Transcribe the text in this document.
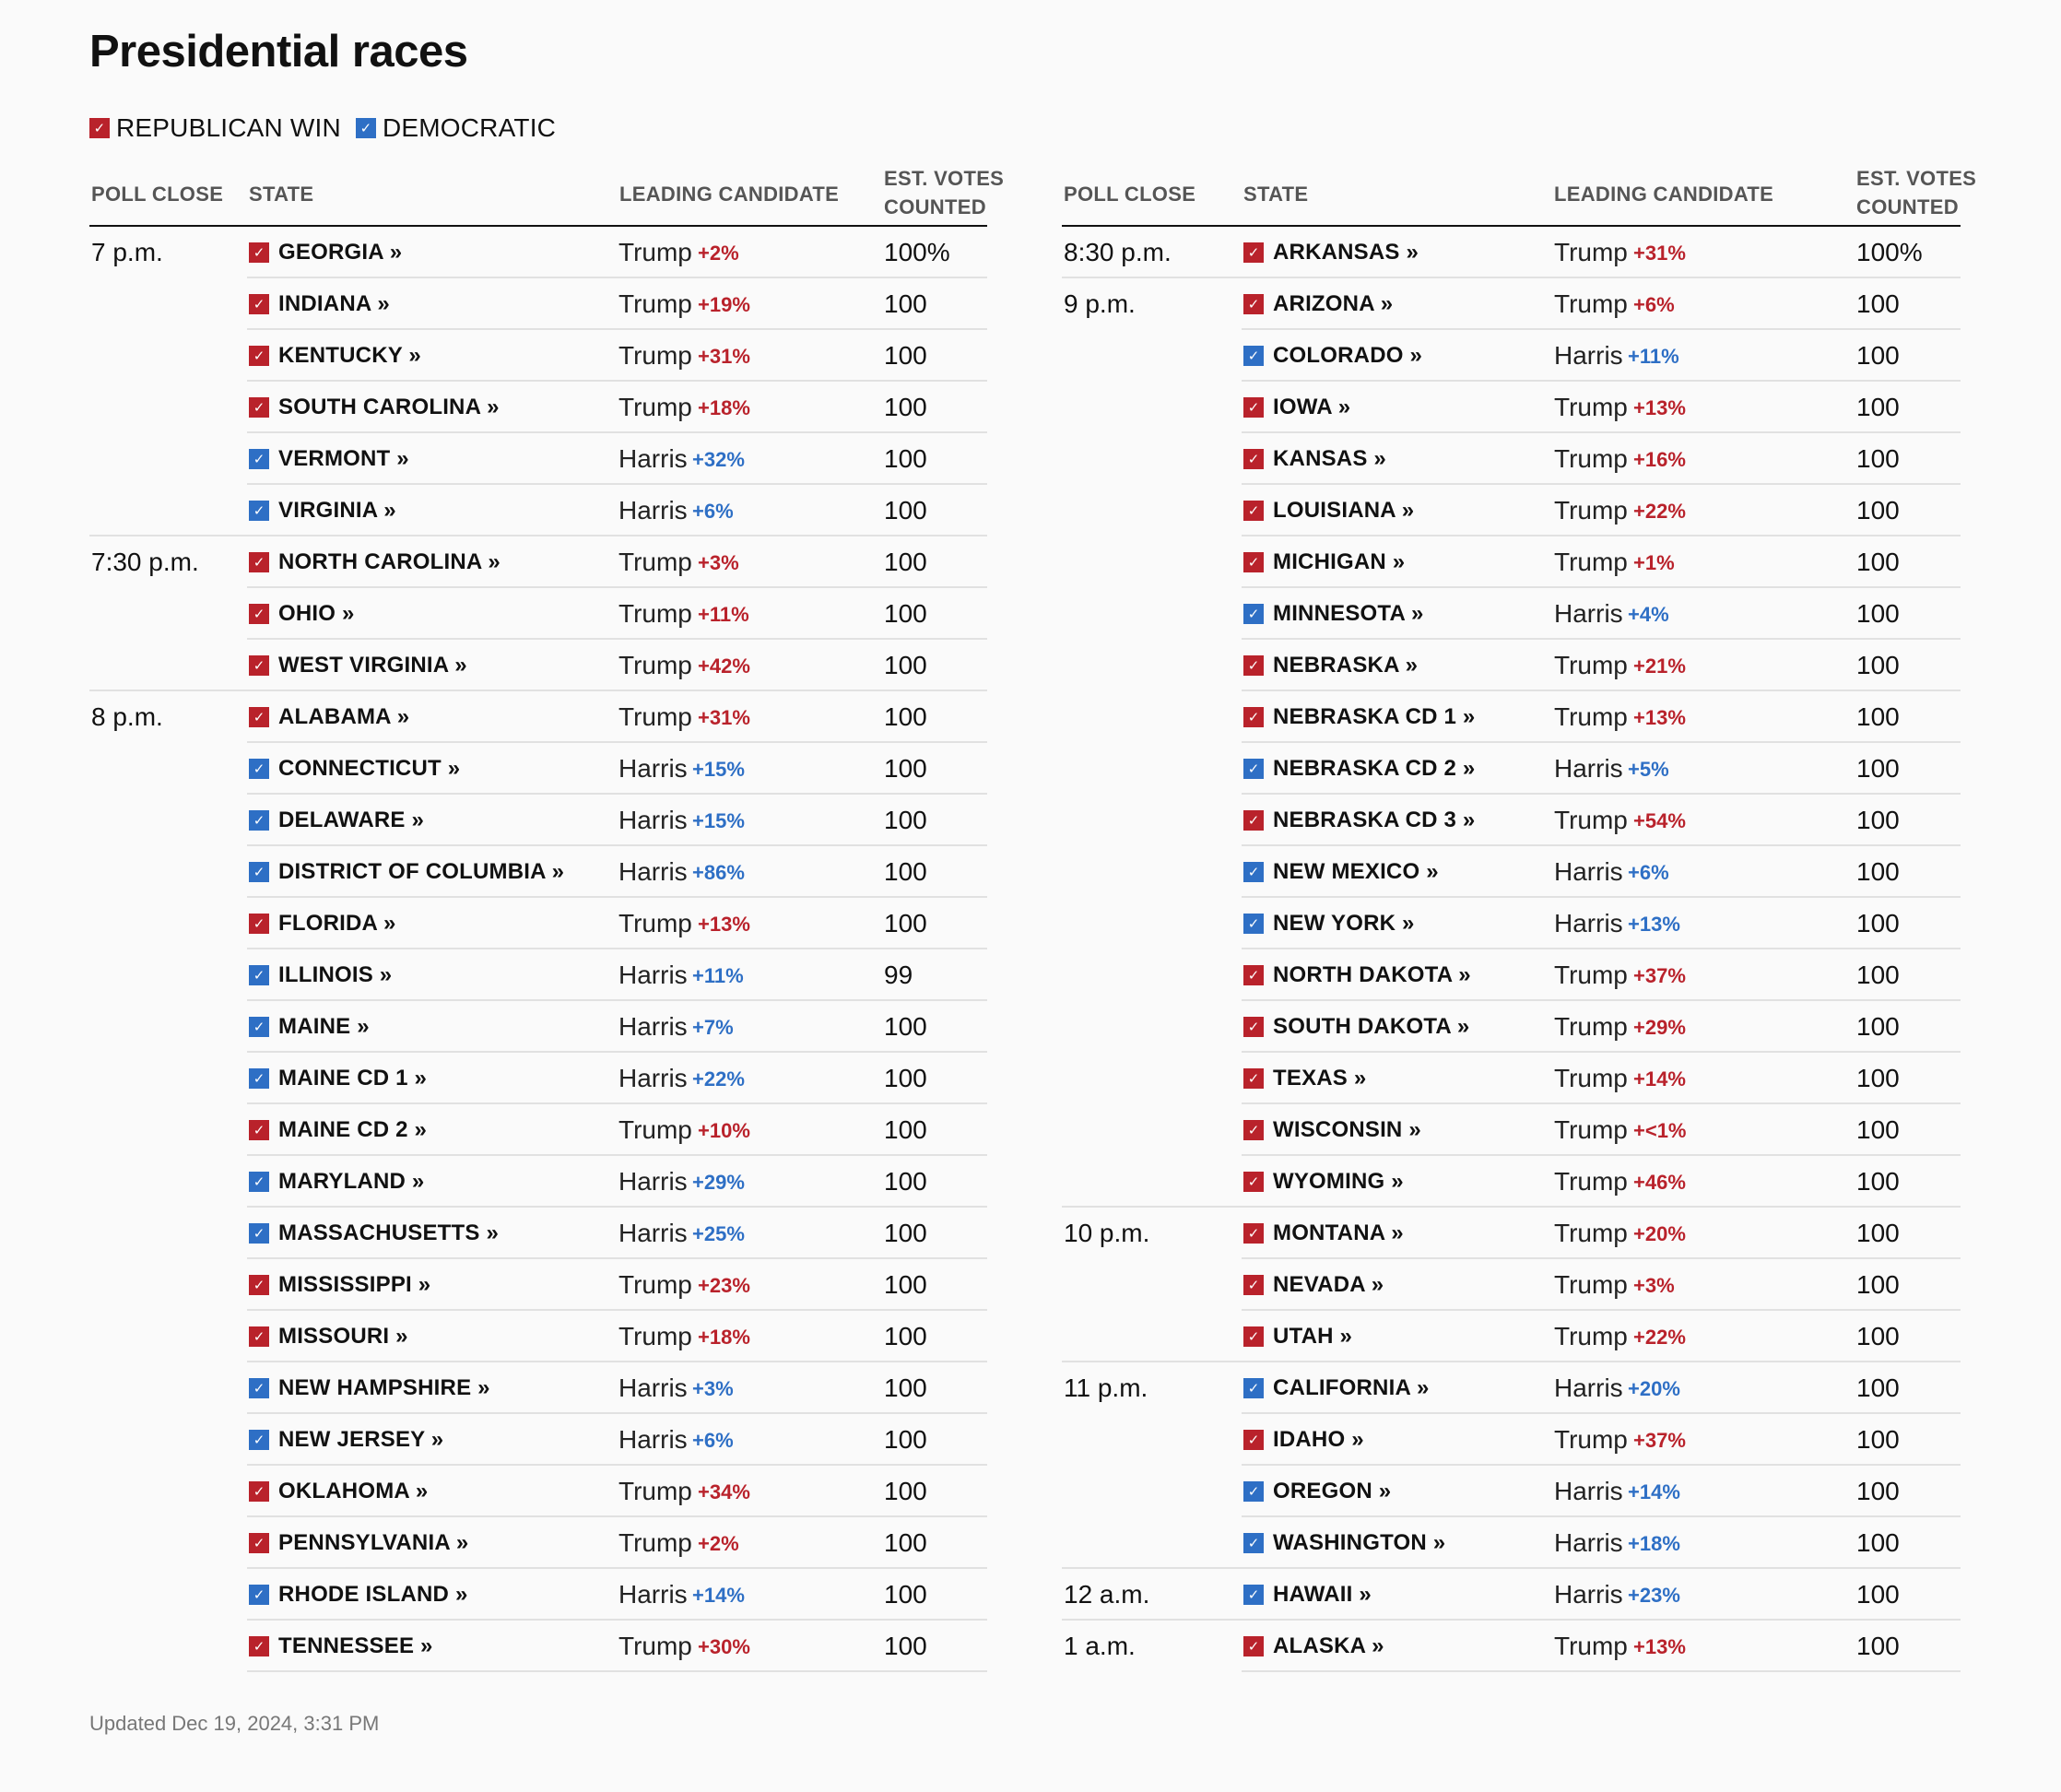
Presidential races
✓ REPUBLICAN WIN	✓ DEMOCRATIC
POLL CLOSE STATE	LEADING CANDIDATE
EST. VOTES
COUNTED
7 p.m.	✓ GEORGIA »	Trump +2%	100%
✓ INDIANA »	Trump +19%	100
✓ KENTUCKY »	Trump +31%	100
✓ SOUTH CAROLINA »	Trump +18%	100
✓ VERMONT »	Harris +32%	100
✓ VIRGINIA »	Harris +6%	100
7:30 p.m.	✓ NORTH CAROLINA »	Trump +3%	100
✓ OHIO »	Trump +11%	100
✓ WEST VIRGINIA »	Trump +42%	100
8 p.m.	✓ ALABAMA »	Trump +31%	100
✓ CONNECTICUT »	Harris +15%	100
✓ DELAWARE »	Harris +15%	100
✓ DISTRICT OF COLUMBIA » Harris +86%	100
✓ FLORIDA »	Trump +13%	100
✓ ILLINOIS »	Harris +11%	99
✓ MAINE »	Harris +7%	100
✓ MAINE CD 1 »	Harris +22%	100
✓ MAINE CD 2 »	Trump +10%	100
✓ MARYLAND »	Harris +29%	100
✓ MASSACHUSETTS »	Harris +25%	100
✓ MISSISSIPPI »	Trump +23%	100
✓ MISSOURI »	Trump +18%	100
✓ NEW HAMPSHIRE »	Harris +3%	100
✓ NEW JERSEY »	Harris +6%	100
✓ OKLAHOMA »	Trump +34%	100
✓ PENNSYLVANIA »	Trump +2%	100
✓ RHODE ISLAND »	Harris +14%	100
✓ TENNESSEE »	Trump +30%	100
POLL CLOSE STATE	LEADING CANDIDATE
EST. VOTES
COUNTED
8:30 p.m.	✓ ARKANSAS »	Trump +31%	100%
9 p.m.	✓ ARIZONA »	Trump +6%	100
✓ COLORADO »	Harris +11%	100
✓ IOWA »	Trump +13%	100
✓ KANSAS »	Trump +16%	100
✓ LOUISIANA »	Trump +22%	100
✓ MICHIGAN »	Trump +1%	100
✓ MINNESOTA »	Harris +4%	100
✓ NEBRASKA »	Trump +21%	100
✓ NEBRASKA CD 1 »	Trump +13%	100
✓ NEBRASKA CD 2 »	Harris +5%	100
✓ NEBRASKA CD 3 »	Trump +54%	100
✓ NEW MEXICO »	Harris +6%	100
✓ NEW YORK »	Harris +13%	100
✓ NORTH DAKOTA »	Trump +37%	100
✓ SOUTH DAKOTA »	Trump +29%	100
✓ TEXAS »	Trump +14%	100
✓ WISCONSIN »	Trump +<1%	100
✓ WYOMING »	Trump +46%	100
10 p.m.	✓ MONTANA »	Trump +20%	100
✓ NEVADA »	Trump +3%	100
✓ UTAH »	Trump +22%	100
11 p.m.	✓ CALIFORNIA »	Harris +20%	100
✓ IDAHO »	Trump +37%	100
✓ OREGON »	Harris +14%	100
✓ WASHINGTON »	Harris +18%	100
12 a.m.	✓ HAWAII »	Harris +23%	100
1 a.m.	✓ ALASKA »	Trump +13%	100
Updated Dec 19, 2024, 3:31 PM
